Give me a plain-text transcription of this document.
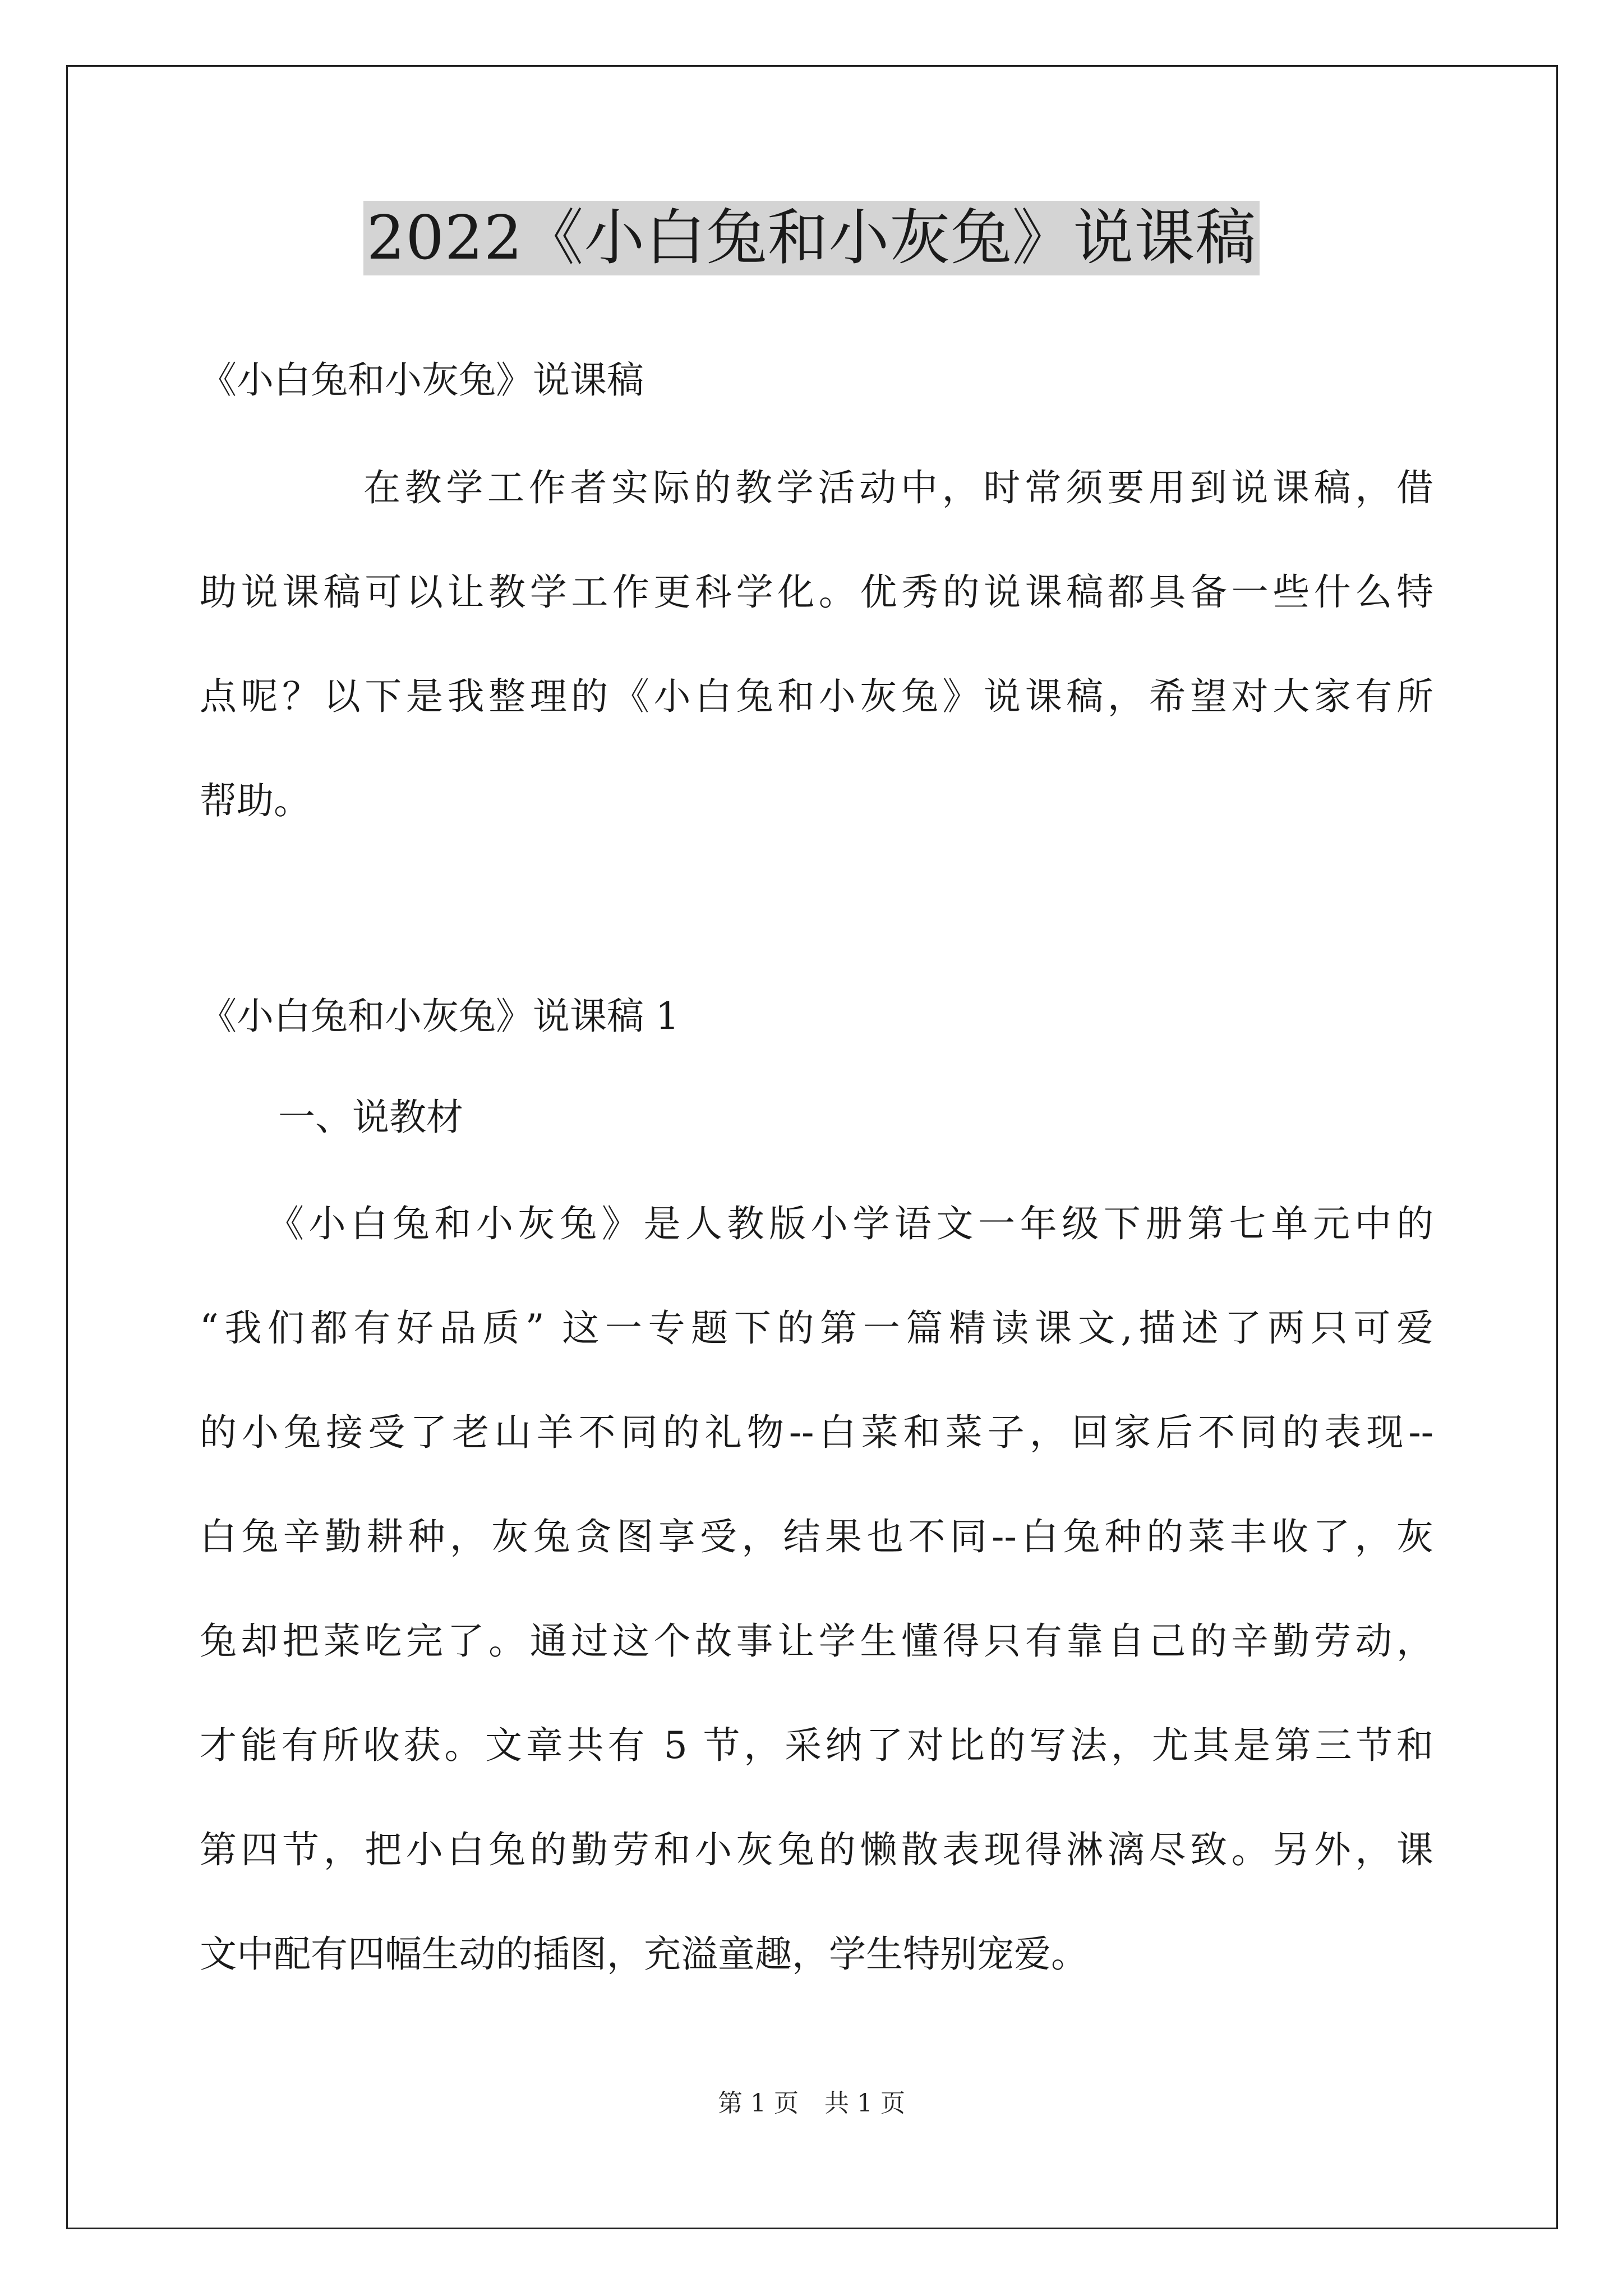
2022《小白兔和小灰兔》说课稿
《小白兔和小灰兔》说课稿
在教学工作者实际的教学活动中，时常须要用到说课稿，借
助说课稿可以让教学工作更科学化。优秀的说课稿都具备一些什么特
点呢？以下是我整理的《小白兔和小灰兔》说课稿，希望对大家有所
帮助。
《小白兔和小灰兔》说课稿 1
一、说教材
《小白兔和小灰兔》是人教版小学语文一年级下册第七单元中的
“我们都有好品质” 这一专题下的第一篇精读课文,描述了两只可爱
的小兔接受了老山羊不同的礼物--白菜和菜子，回家后不同的表现--
白兔辛勤耕种，灰兔贪图享受，结果也不同--白兔种的菜丰收了，灰
兔却把菜吃完了。通过这个故事让学生懂得只有靠自己的辛勤劳动，
才能有所收获。文章共有 5 节，采纳了对比的写法，尤其是第三节和
第四节，把小白兔的勤劳和小灰兔的懒散表现得淋漓尽致。另外，课
文中配有四幅生动的插图，充溢童趣，学生特别宠爱。
第 1 页 共 1 页
